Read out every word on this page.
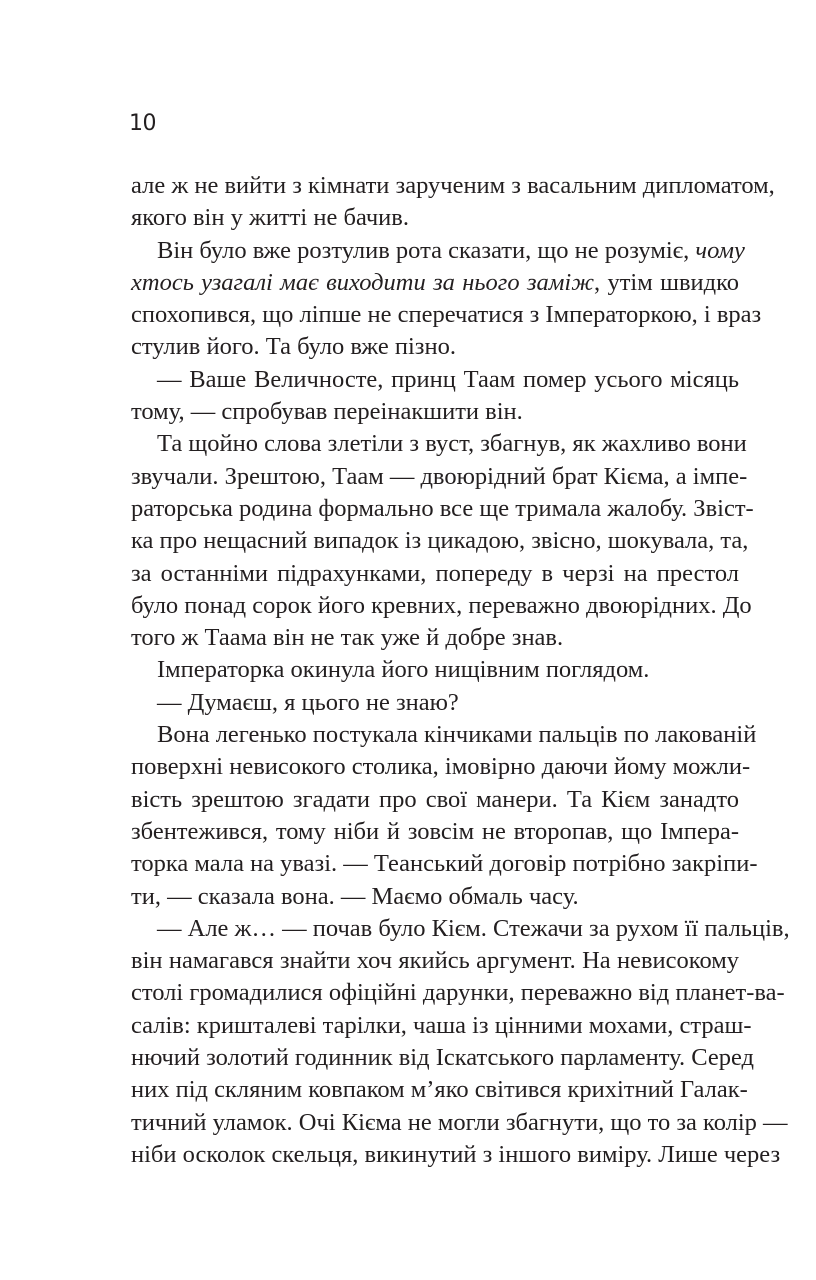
10
але ж не вийти з кімнати зарученим з васальним дипломатом,
якого він у житті не бачив.
Він було вже розтулив рота сказати, що не розуміє, чому
хтось узагалі має виходити за нього заміж, утім швидко
спохопився, що ліпше не сперечатися з Імператоркою, і враз
стулив його. Та було вже пізно.
— Ваше Величносте, принц Таам помер усього місяць
тому, — спробував переінакшити він.
Та щойно слова злетіли з вуст, збагнув, як жахливо вони
звучали. Зрештою, Таам — двоюрідний брат Кієма, а імпе-
раторська родина формально все ще тримала жалобу. Звіст-
ка про нещасний випадок із цикадою, звісно, шокувала, та,
за останніми підрахунками, попереду в черзі на престол
було понад сорок його кревних, переважно двоюрідних. До
того ж Таама він не так уже й добре знав.
Імператорка окинула його нищівним поглядом.
— Думаєш, я цього не знаю?
Вона легенько постукала кінчиками пальців по лакованій
поверхні невисокого столика, імовірно даючи йому можли-
вість зрештою згадати про свої манери. Та Кієм занадто
збентежився, тому ніби й зовсім не второпав, що Імпера-
торка мала на увазі. — Теанський договір потрібно закріпи-
ти, — сказала вона. — Маємо обмаль часу.
— Але ж… — почав було Кієм. Стежачи за рухом її пальців,
він намагався знайти хоч якийсь аргумент. На невисокому
столі громадилися офіційні дарунки, переважно від планет-ва-
салів: кришталеві тарілки, чаша із цінними мохами, страш-
нючий золотий годинник від Іскатського парламенту. Серед
них під скляним ковпаком м’яко світився крихітний Галак-
тичний уламок. Очі Кієма не могли збагнути, що то за колір —
ніби осколок скельця, викинутий з іншого виміру. Лише через
